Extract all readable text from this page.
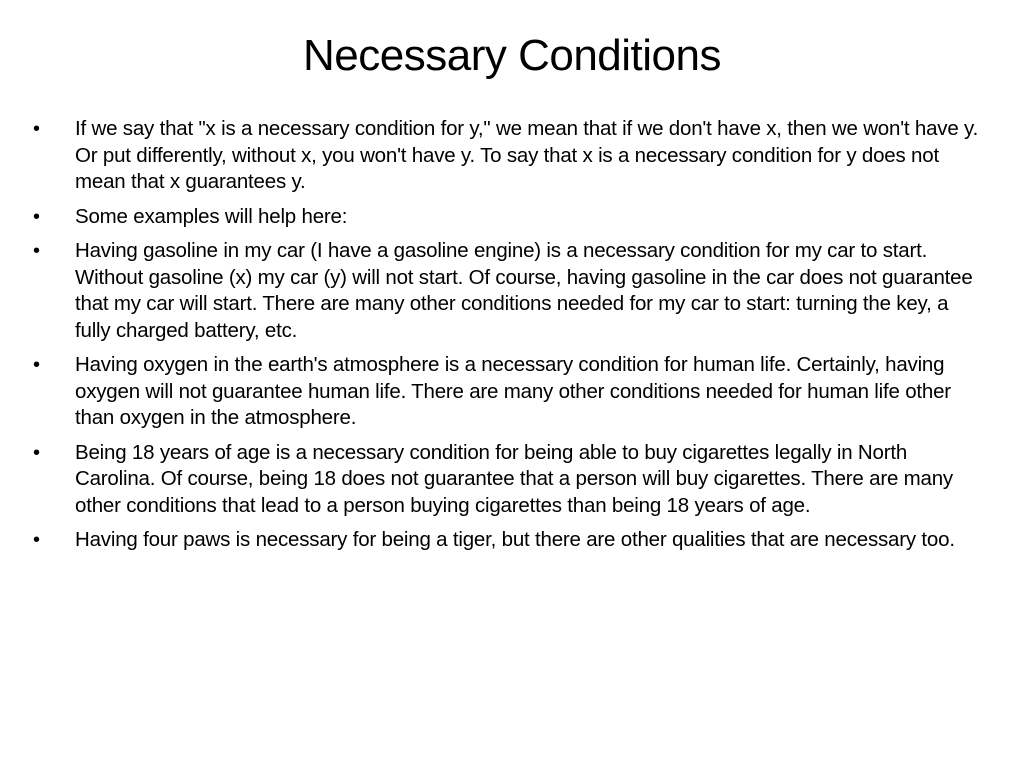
Necessary Conditions
•	If we say that "x is a necessary condition for y," we mean that if we don't have x, then we won't have y. Or put differently, without x, you won't have y. To say that x is a necessary condition for y does not mean that x guarantees y.
•	Some examples will help here:
•	Having gasoline in my car (I have a gasoline engine) is a necessary condition for my car to start. Without gasoline (x) my car (y) will not start. Of course, having gasoline in the car does not guarantee that my car will start. There are many other conditions needed for my car to start: turning the key, a fully charged battery, etc.
•	Having oxygen in the earth's atmosphere is a necessary condition for human life. Certainly, having oxygen will not guarantee human life. There are many other conditions needed for human life other than oxygen in the atmosphere.
•	Being 18 years of age is a necessary condition for being able to buy cigarettes legally in North Carolina. Of course, being 18 does not guarantee that a person will buy cigarettes. There are many other conditions that lead to a person buying cigarettes than being 18 years of age.
•	Having four paws is necessary for being a tiger, but there are other qualities that are necessary too.
